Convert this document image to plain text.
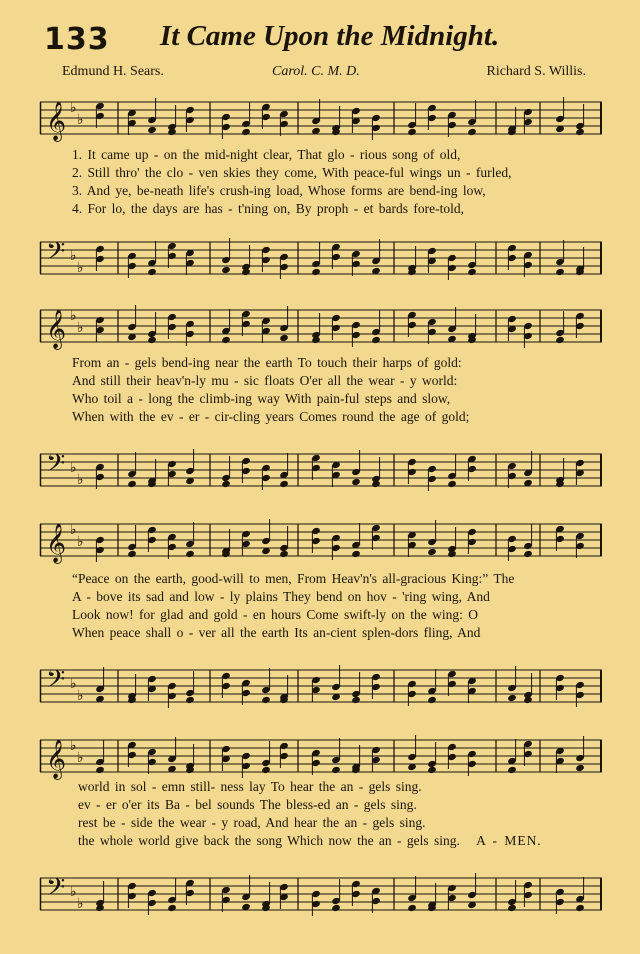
133 It Came Upon the Midnight.
Edmund H. Sears.	Carol. C. M. D.	Richard S. Willis.
𝄞 ♭
♭
1. It came up - on the mid-night clear, That glo - rious song of old,
2. Still thro' the clo - ven skies they come, With peace-ful wings un - furled,
3. And ye, be-neath life's crush-ing load, Whose forms are bend-ing low,
4. For lo, the days are has - t'ning on, By proph - et bards fore-told,
𝄢 ♭
♭
𝄞 ♭
♭
From an - gels bend-ing near the earth To touch their harps of gold:
And still their heav'n-ly mu - sic floats O'er all the wear - y world:
Who toil a - long the climb-ing way With pain-ful steps and slow,
When with the ev - er - cir-cling years Comes round the age of gold;
𝄢 ♭
♭
𝄞 ♭
♭
“Peace on the earth, good-will to men, From Heav'n's all-gracious King:” The
A - bove its sad and low - ly plains They bend on hov - 'ring wing, And
Look now! for glad and gold - en hours Come swift-ly on the wing: O
When peace shall o - ver all the earth Its an-cient splen-dors fling, And
𝄢 ♭
♭
𝄞 ♭
♭
world in sol - emn still- ness lay To hear the an - gels sing.
ev - er o'er its Ba - bel sounds The bless-ed an - gels sing.
rest be - side the wear - y road, And hear the an - gels sing.
the whole world give back the song Which now the an - gels sing. A - MEN.
𝄢 ♭
♭
